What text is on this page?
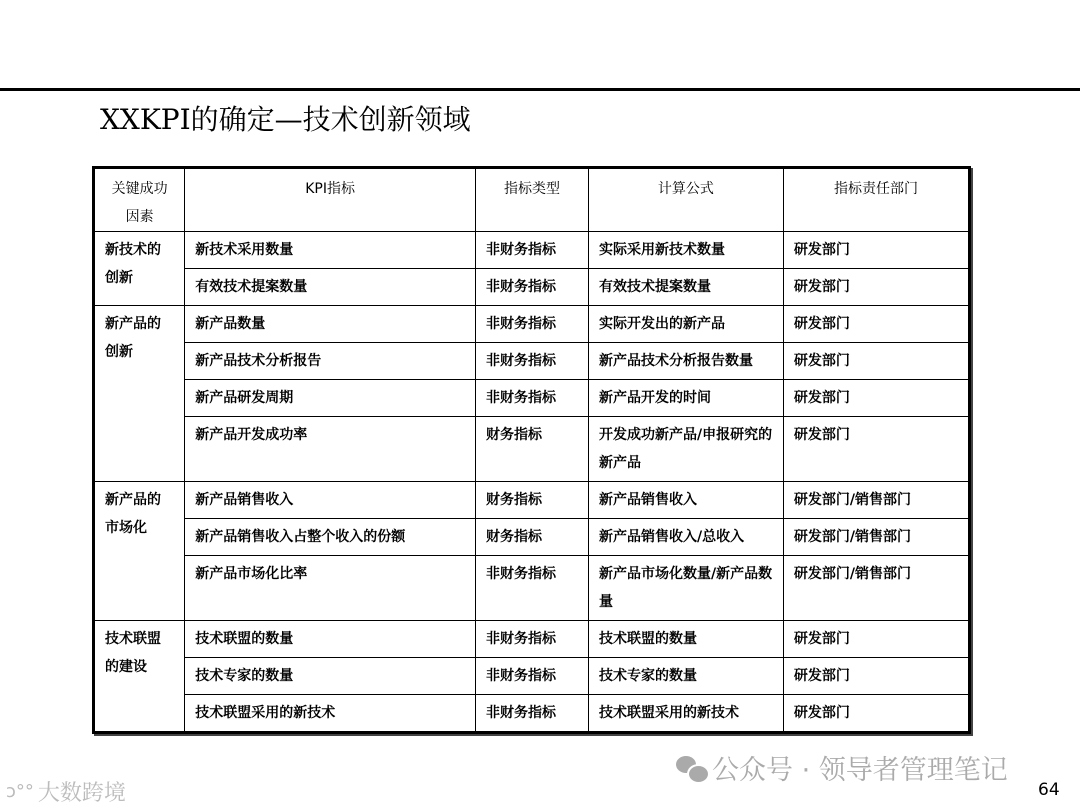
XXKPI的确定—技术创新领域
关键成功因素	KPI指标	指标类型	计算公式	指标责任部门
新技术的创新	新技术采用数量	非财务指标	实际采用新技术数量	研发部门
	有效技术提案数量	非财务指标	有效技术提案数量	研发部门
新产品的创新	新产品数量	非财务指标	实际开发出的新产品	研发部门
	新产品技术分析报告	非财务指标	新产品技术分析报告数量	研发部门
	新产品研发周期	非财务指标	新产品开发的时间	研发部门
	新产品开发成功率	财务指标	开发成功新产品/申报研究的新产品	研发部门
新产品的市场化	新产品销售收入	财务指标	新产品销售收入	研发部门/销售部门
	新产品销售收入占整个收入的份额	财务指标	新产品销售收入/总收入	研发部门/销售部门
	新产品市场化比率	非财务指标	新产品市场化数量/新产品数量	研发部门/销售部门
技术联盟的建设	技术联盟的数量	非财务指标	技术联盟的数量	研发部门
	技术专家的数量	非财务指标	技术专家的数量	研发部门
	技术联盟采用的新技术	非财务指标	技术联盟采用的新技术	研发部门
公众号 · 领导者管理笔记
ↄ°° 大数跨境	64
